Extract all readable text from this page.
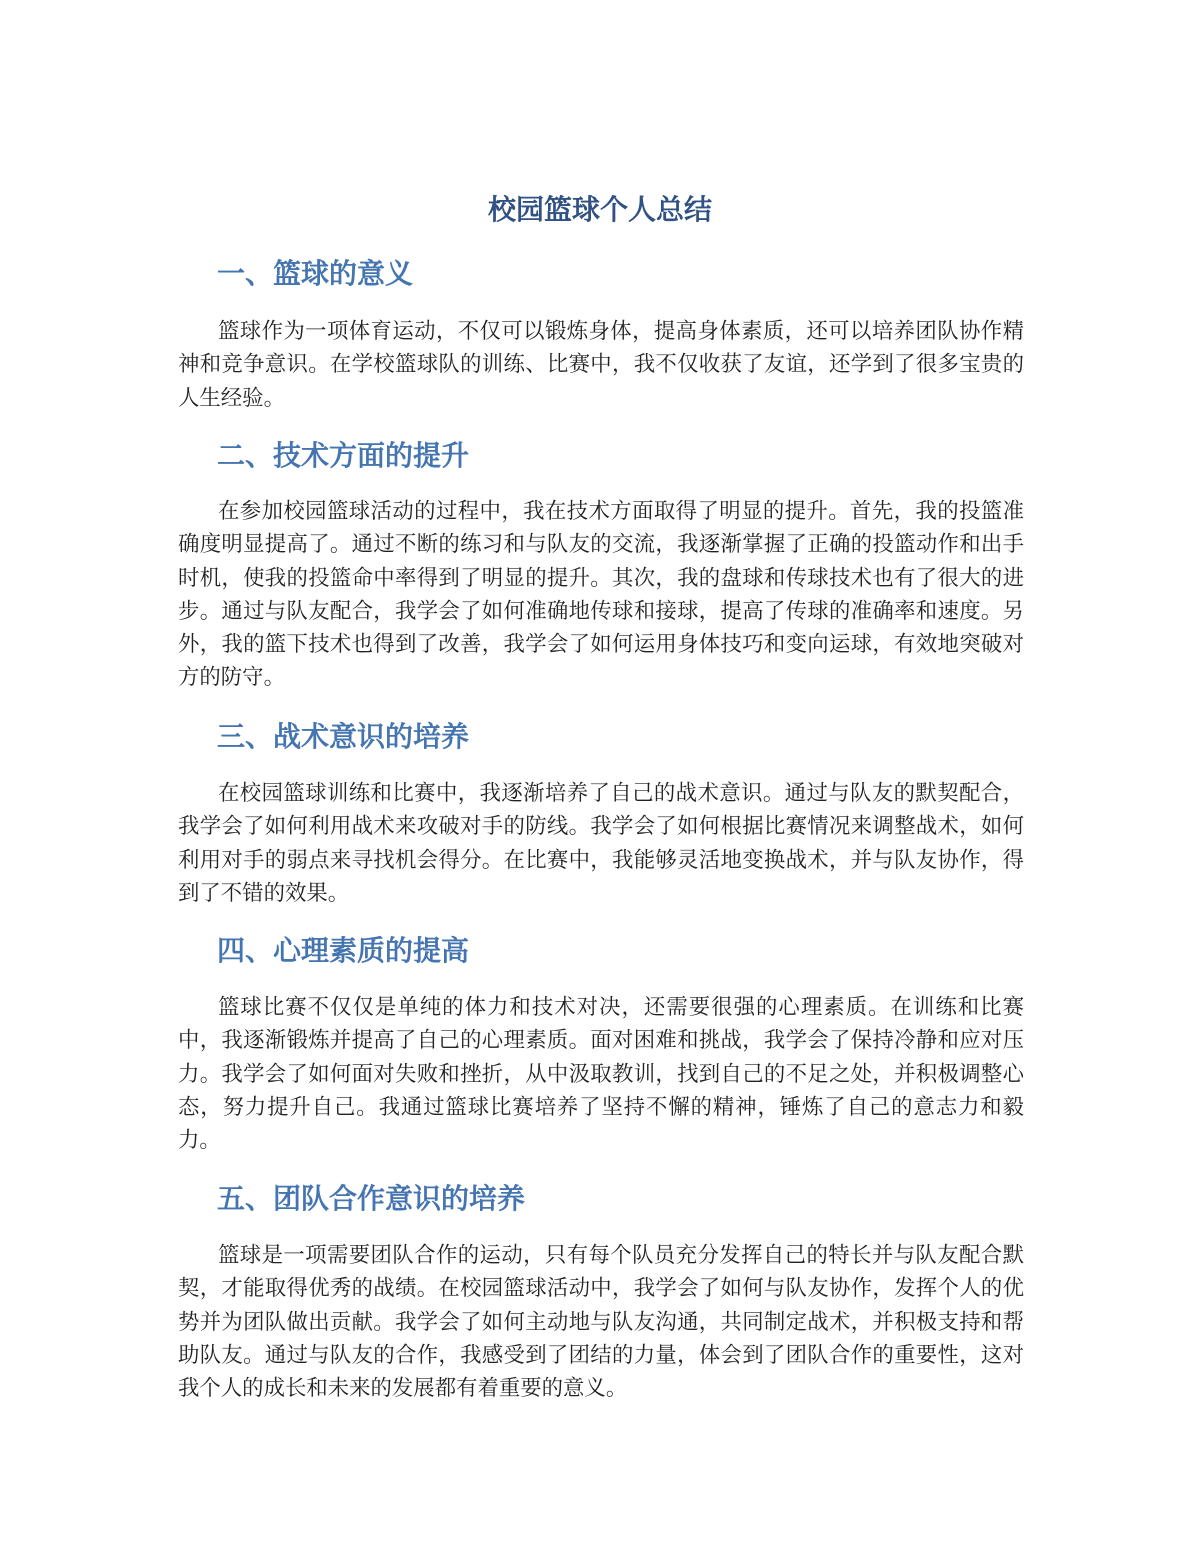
校园篮球个人总结
一、篮球的意义

篮球作为一项体育运动，不仅可以锻炼身体，提高身体素质，还可以培养团队协作精神和竞争意识。在学校篮球队的训练、比赛中，我不仅收获了友谊，还学到了很多宝贵的人生经验。

二、技术方面的提升

在参加校园篮球活动的过程中，我在技术方面取得了明显的提升。首先，我的投篮准确度明显提高了。通过不断的练习和与队友的交流，我逐渐掌握了正确的投篮动作和出手时机，使我的投篮命中率得到了明显的提升。其次，我的盘球和传球技术也有了很大的进步。通过与队友配合，我学会了如何准确地传球和接球，提高了传球的准确率和速度。另外，我的篮下技术也得到了改善，我学会了如何运用身体技巧和变向运球，有效地突破对方的防守。

三、战术意识的培养

在校园篮球训练和比赛中，我逐渐培养了自己的战术意识。通过与队友的默契配合，我学会了如何利用战术来攻破对手的防线。我学会了如何根据比赛情况来调整战术，如何利用对手的弱点来寻找机会得分。在比赛中，我能够灵活地变换战术，并与队友协作，得到了不错的效果。

四、心理素质的提高

篮球比赛不仅仅是单纯的体力和技术对决，还需要很强的心理素质。在训练和比赛中，我逐渐锻炼并提高了自己的心理素质。面对困难和挑战，我学会了保持冷静和应对压力。我学会了如何面对失败和挫折，从中汲取教训，找到自己的不足之处，并积极调整心态，努力提升自己。我通过篮球比赛培养了坚持不懈的精神，锤炼了自己的意志力和毅力。

五、团队合作意识的培养

篮球是一项需要团队合作的运动，只有每个队员充分发挥自己的特长并与队友配合默契，才能取得优秀的战绩。在校园篮球活动中，我学会了如何与队友协作，发挥个人的优势并为团队做出贡献。我学会了如何主动地与队友沟通，共同制定战术，并积极支持和帮助队友。通过与队友的合作，我感受到了团结的力量，体会到了团队合作的重要性，这对我个人的成长和未来的发展都有着重要的意义。
